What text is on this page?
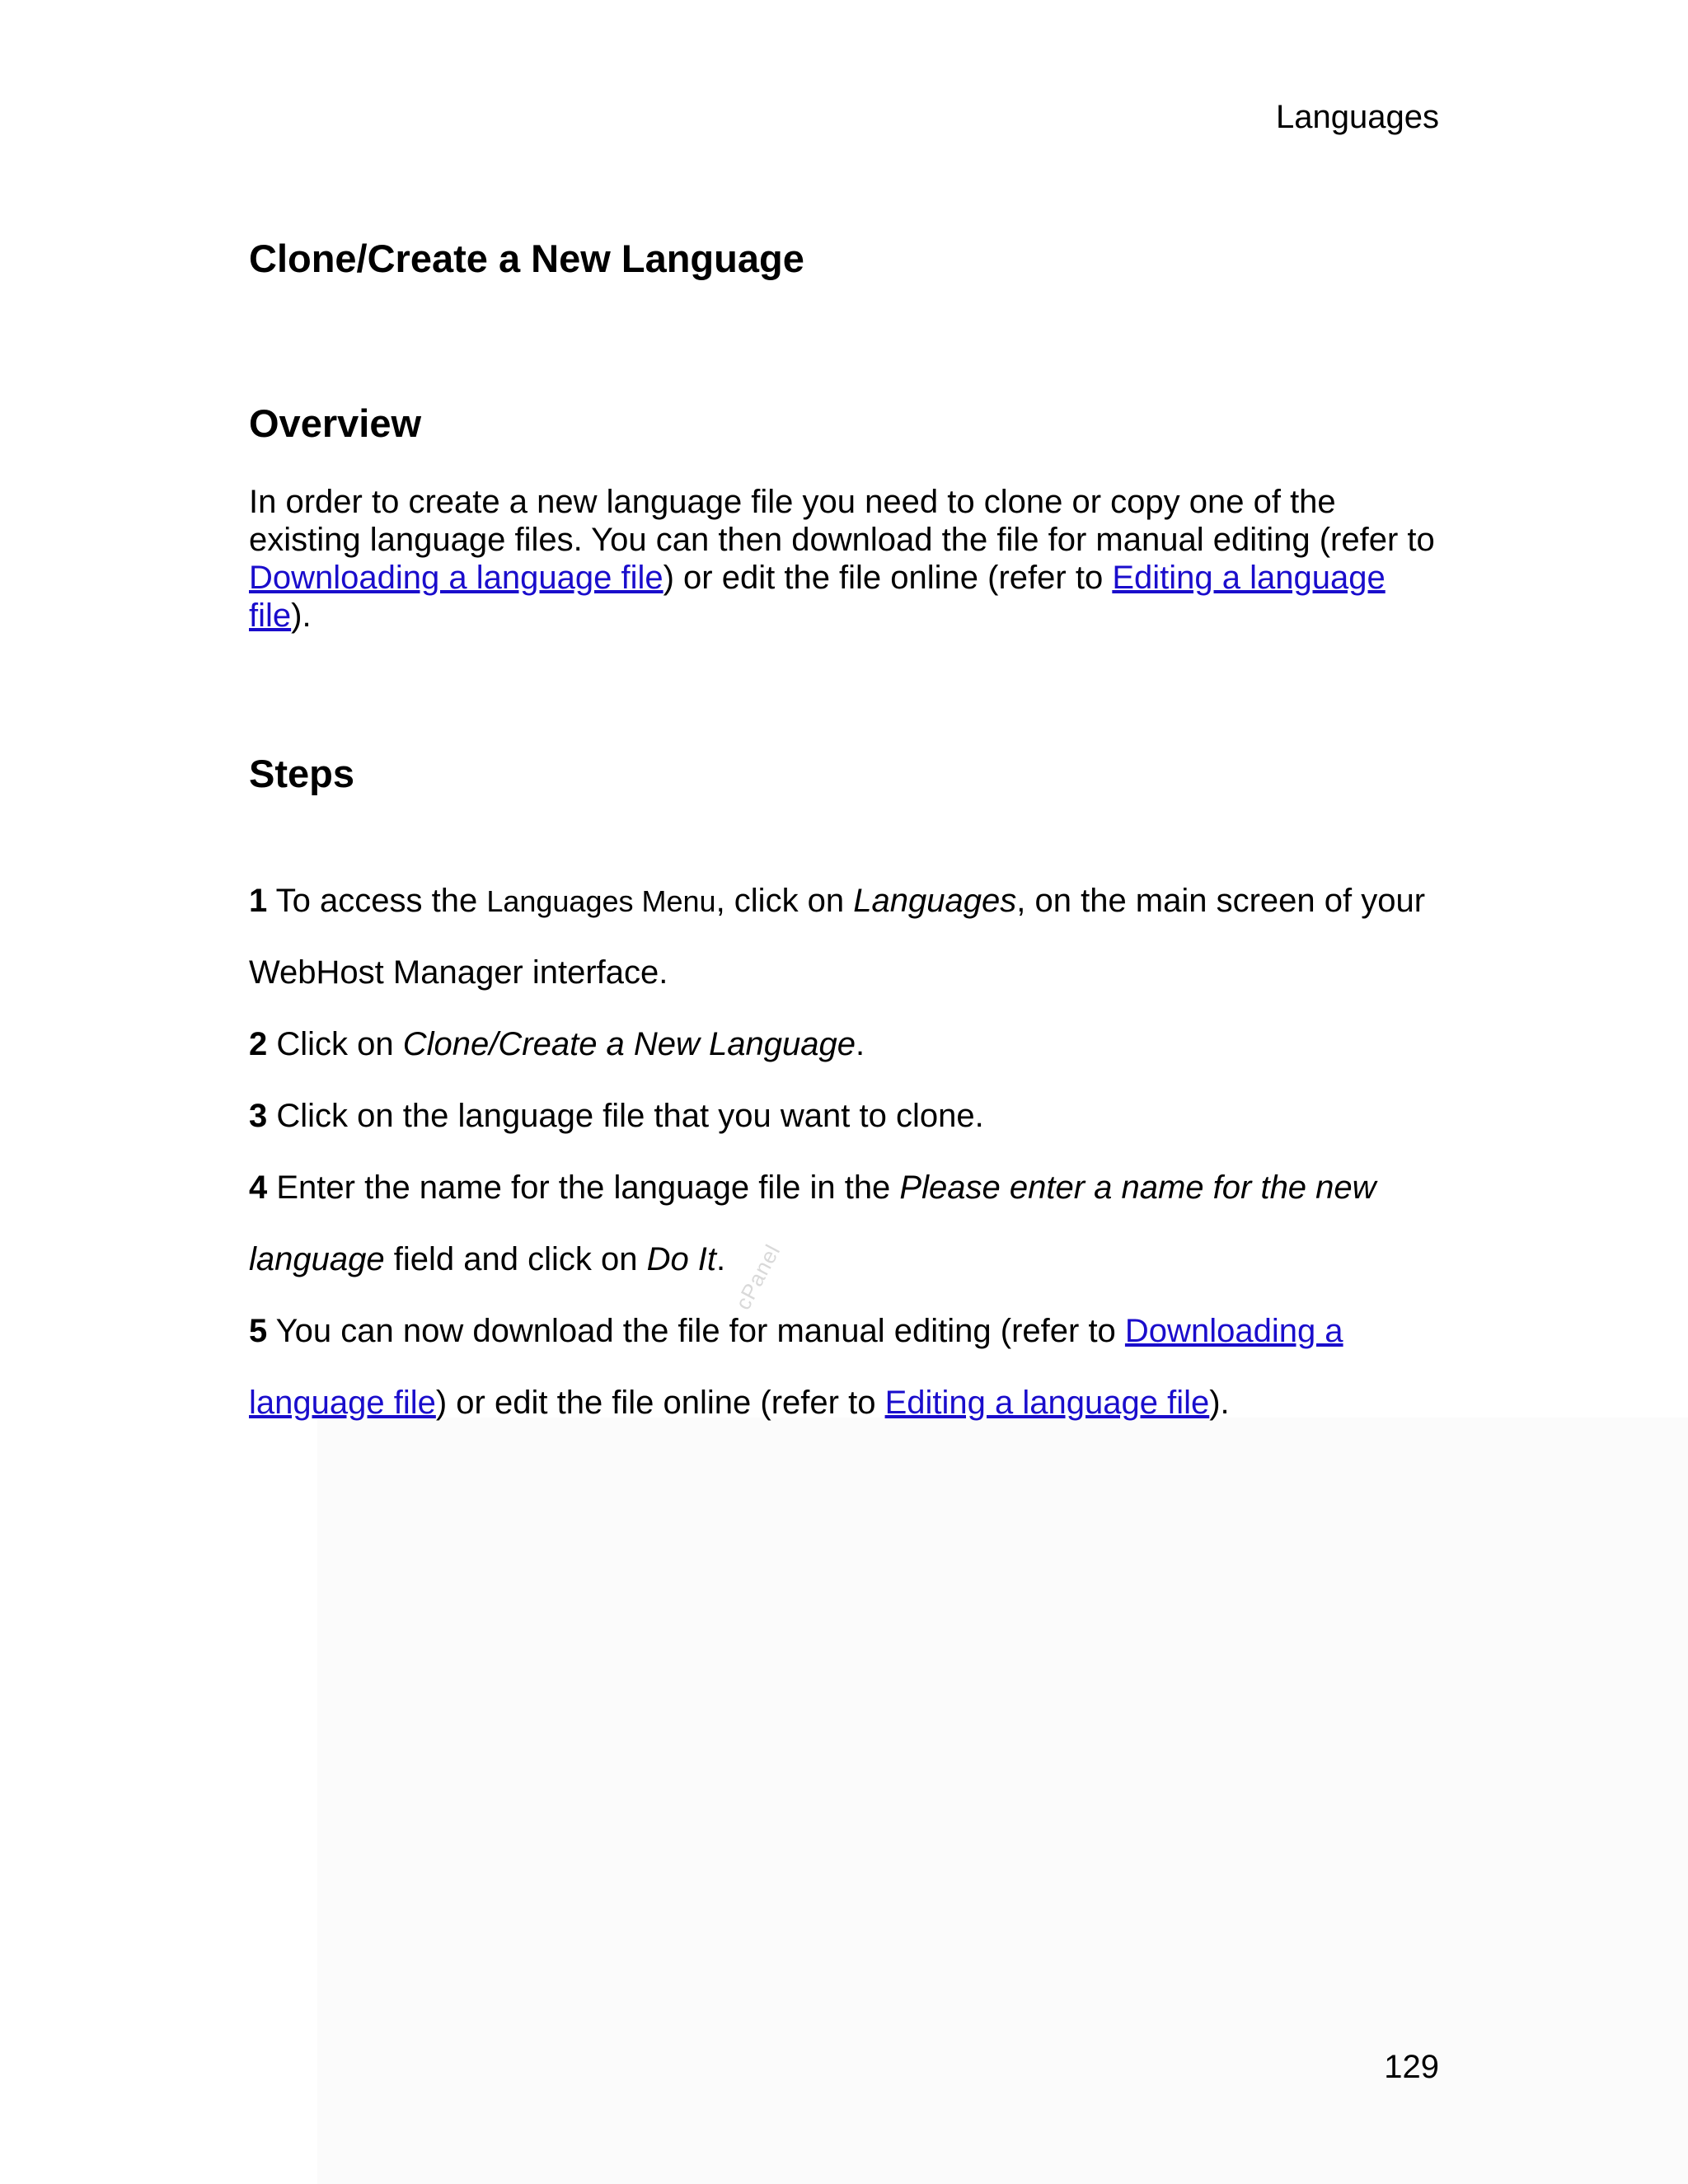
Languages
Clone/Create a New Language
Overview

In order to create a new language file you need to clone or copy one of the existing language files. You can then download the file for manual editing (refer to Downloading a language file) or edit the file online (refer to Editing a language file).

Steps
1 To access the Languages Menu, click on Languages, on the main screen of your WebHost Manager interface.
2 Click on Clone/Create a New Language.
3 Click on the language file that you want to clone.
4 Enter the name for the language file in the Please enter a name for the new language field and click on Do It.
5 You can now download the file for manual editing (refer to Downloading a language file) or edit the file online (refer to Editing a language file).
cPanel
129
